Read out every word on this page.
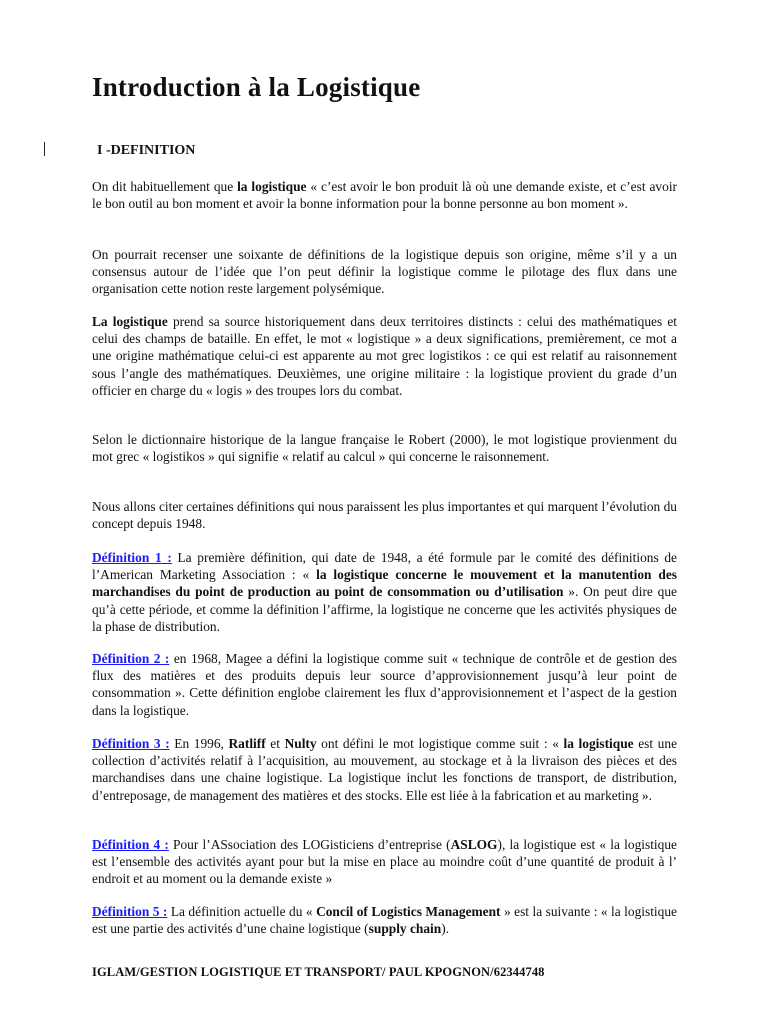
Introduction à la Logistique
I -DEFINITION

On dit habituellement que la logistique « c’est avoir le bon produit là où une demande existe, et c’est avoir le bon outil au bon moment et avoir la bonne information pour la bonne personne au bon moment ».

On pourrait recenser une soixante de définitions de la logistique depuis son origine, même s’il y a un consensus autour de l’idée que l’on peut définir la logistique comme le pilotage des flux dans une organisation cette notion reste largement polysémique.

La logistique prend sa source historiquement dans deux territoires distincts : celui des mathématiques et celui des champs de bataille. En effet, le mot « logistique » a deux significations, premièrement, ce mot a une origine mathématique celui-ci est apparente au mot grec logistikos : ce qui est relatif au raisonnement sous l’angle des mathématiques. Deuxièmes, une origine militaire : la logistique provient du grade d’un officier en charge du « logis » des troupes lors du combat.

Selon le dictionnaire historique de la langue française le Robert (2000), le mot logistique provienment du mot grec « logistikos » qui signifie « relatif au calcul » qui concerne le raisonnement.

Nous allons citer certaines définitions qui nous paraissent les plus importantes et qui marquent l’évolution du concept depuis 1948.

Définition 1 : La première définition, qui date de 1948, a été formule par le comité des définitions de l’American Marketing Association : « la logistique concerne le mouvement et la manutention des marchandises du point de production au point de consommation ou d’utilisation ». On peut dire que qu’à cette période, et comme la définition l’affirme, la logistique ne concerne que les activités physiques de la phase de distribution.

Définition 2 : en 1968, Magee a défini la logistique comme suit « technique de contrôle et de gestion des flux des matières et des produits depuis leur source d’approvisionnement jusqu’à leur point de consommation ». Cette définition englobe clairement les flux d’approvisionnement et l’aspect de la gestion dans la logistique.

Définition 3 : En 1996, Ratliff et Nulty ont défini le mot logistique comme suit : « la logistique est une collection d’activités relatif à l’acquisition, au mouvement, au stockage et à la livraison des pièces et des marchandises dans une chaine logistique. La logistique inclut les fonctions de transport, de distribution, d’entreposage, de management des matières et des stocks. Elle est liée à la fabrication et au marketing ».

Définition 4 : Pour l’ASsociation des LOGisticiens d’entreprise (ASLOG), la logistique est « la logistique est l’ensemble des activités ayant pour but la mise en place au moindre coût d’une quantité de produit à l’ endroit et au moment ou la demande existe »

Définition 5 : La définition actuelle du « Concil of Logistics Management » est la suivante : « la logistique est une partie des activités d’une chaine logistique (supply chain).

IGLAM/GESTION LOGISTIQUE ET TRANSPORT/ PAUL KPOGNON/62344748
